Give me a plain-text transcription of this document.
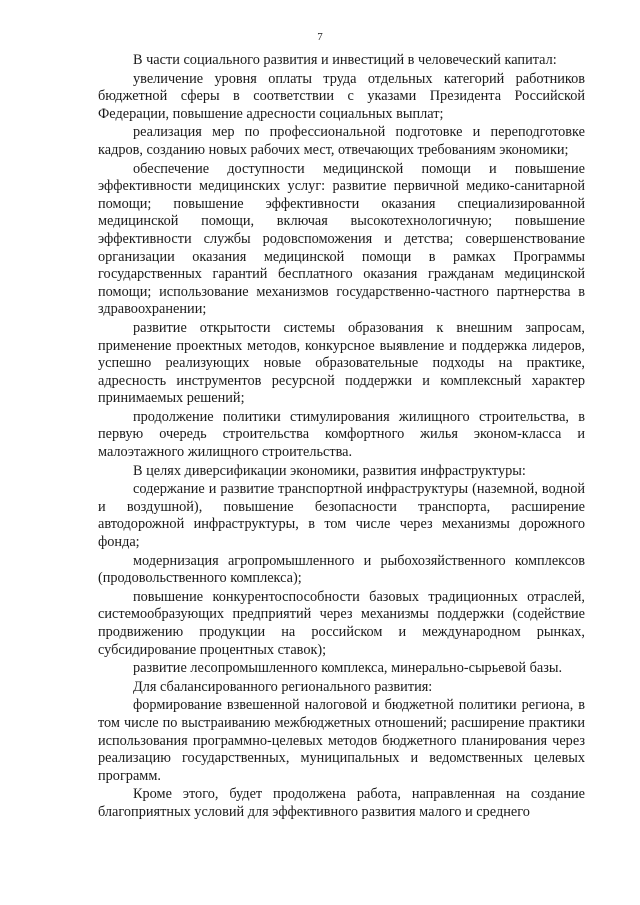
7

В части социального развития и инвестиций в человеческий капитал:

увеличение уровня оплаты труда отдельных категорий работников бюджетной сферы в соответствии с указами Президента Российской Федерации, повышение адресности социальных выплат;

реализация мер по профессиональной подготовке и переподготовке кадров, созданию новых рабочих мест, отвечающих требованиям экономики;

обеспечение доступности медицинской помощи и повышение эффективности медицинских услуг: развитие первичной медико-санитарной помощи; повышение эффективности оказания специализированной медицинской помощи, включая высокотехнологичную; повышение эффективности службы родовспоможения и детства; совершенствование организации оказания медицинской помощи в рамках Программы государственных гарантий бесплатного оказания гражданам медицинской помощи; использование механизмов государственно-частного партнерства в здравоохранении;

развитие открытости системы образования к внешним запросам, применение проектных методов, конкурсное выявление и поддержка лидеров, успешно реализующих новые образовательные подходы на практике, адресность инструментов ресурсной поддержки и комплексный характер принимаемых решений;

продолжение политики стимулирования жилищного строительства, в первую очередь строительства комфортного жилья эконом-класса и малоэтажного жилищного строительства.

В целях диверсификации экономики, развития инфраструктуры:

содержание и развитие транспортной инфраструктуры (наземной, водной и воздушной), повышение безопасности транспорта, расширение автодорожной инфраструктуры, в том числе через механизмы дорожного фонда;

модернизация агропромышленного и рыбохозяйственного комплексов (продовольственного комплекса);

повышение конкурентоспособности базовых традиционных отраслей, системообразующих предприятий через механизмы поддержки (содействие продвижению продукции на российском и международном рынках, субсидирование процентных ставок);

развитие лесопромышленного комплекса, минерально-сырьевой базы.

Для сбалансированного регионального развития:

формирование взвешенной налоговой и бюджетной политики региона, в том числе по выстраиванию межбюджетных отношений; расширение практики использования программно-целевых методов бюджетного планирования через реализацию государственных, муниципальных и ведомственных целевых программ.

Кроме этого, будет продолжена работа, направленная на создание благоприятных условий для эффективного развития малого и среднего
